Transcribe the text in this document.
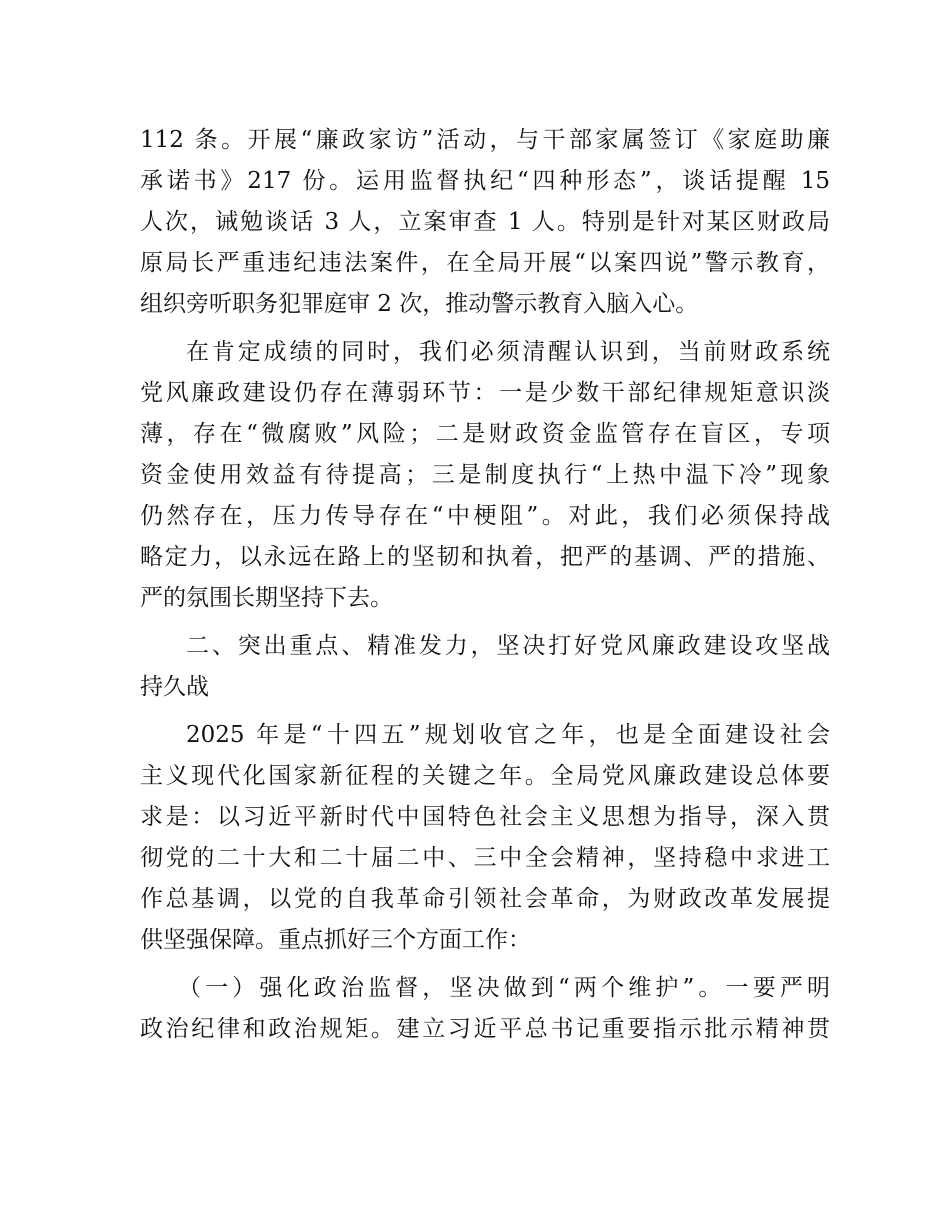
112 条。开展“廉政家访”活动，与干部家属签订《家庭助廉
承诺书》217 份。运用监督执纪“四种形态”，谈话提醒 15
人次，诫勉谈话 3 人，立案审查 1 人。特别是针对某区财政局
原局长严重违纪违法案件，在全局开展“以案四说”警示教育，
组织旁听职务犯罪庭审 2 次，推动警示教育入脑入心。
在肯定成绩的同时，我们必须清醒认识到，当前财政系统
党风廉政建设仍存在薄弱环节：一是少数干部纪律规矩意识淡
薄，存在“微腐败”风险；二是财政资金监管存在盲区，专项
资金使用效益有待提高；三是制度执行“上热中温下冷”现象
仍然存在，压力传导存在“中梗阻”。对此，我们必须保持战
略定力，以永远在路上的坚韧和执着，把严的基调、严的措施、
严的氛围长期坚持下去。
二、突出重点、精准发力，坚决打好党风廉政建设攻坚战
持久战
2025 年是“十四五”规划收官之年，也是全面建设社会
主义现代化国家新征程的关键之年。全局党风廉政建设总体要
求是：以习近平新时代中国特色社会主义思想为指导，深入贯
彻党的二十大和二十届二中、三中全会精神，坚持稳中求进工
作总基调，以党的自我革命引领社会革命，为财政改革发展提
供坚强保障。重点抓好三个方面工作：
（一）强化政治监督，坚决做到“两个维护”。一要严明
政治纪律和政治规矩。建立习近平总书记重要指示批示精神贯
